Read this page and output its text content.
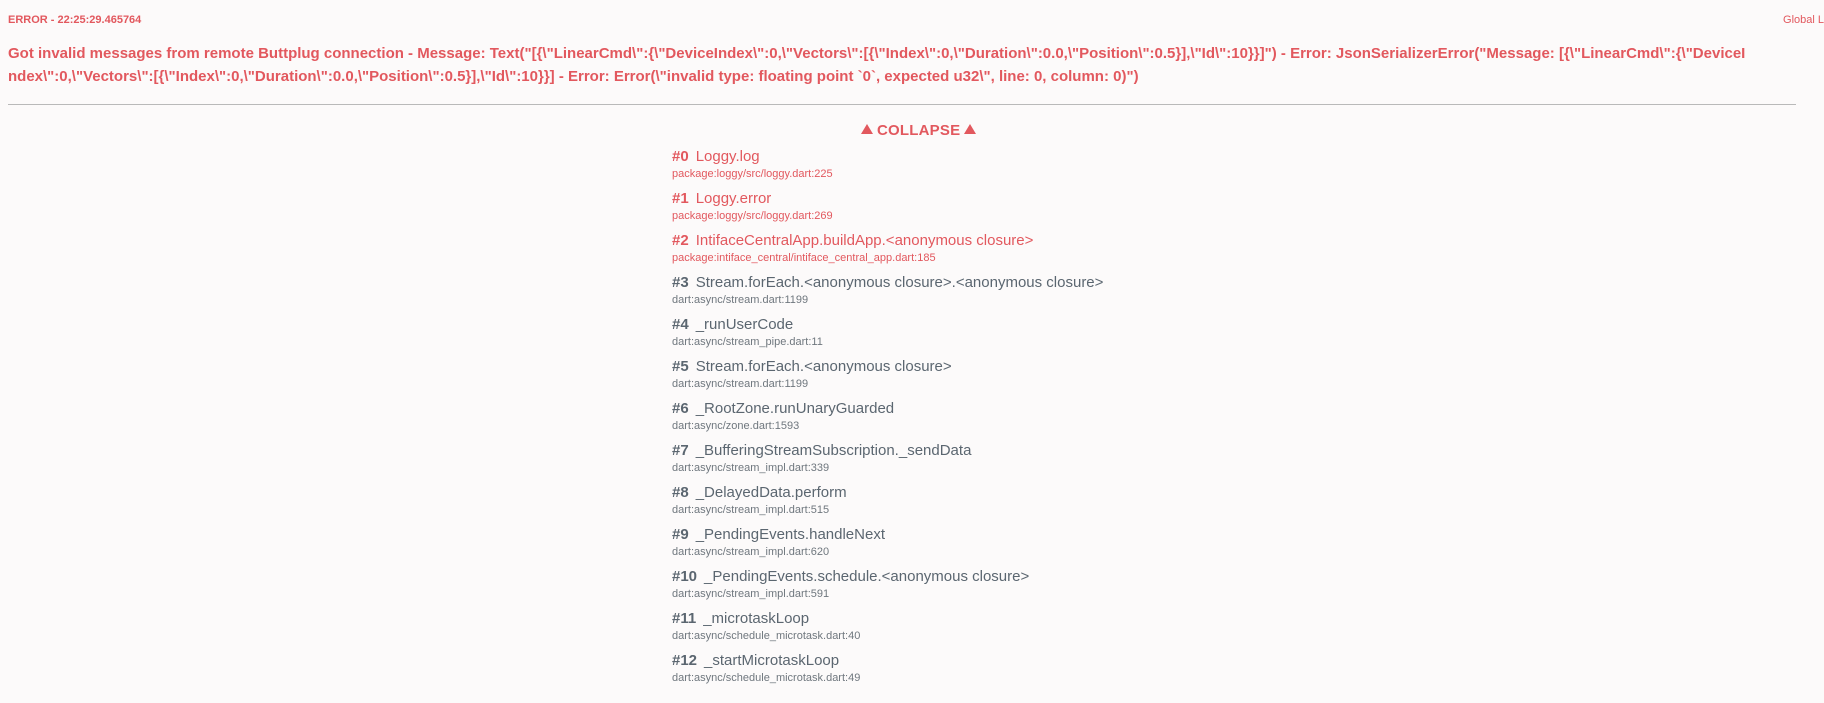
ERROR - 22:25:29.465764	Global L
Got invalid messages from remote Buttplug connection - Message: Text("[{\"LinearCmd\":{\"DeviceIndex\":0,\"Vectors\":[{\"Index\":0,\"Duration\":0.0,\"Position\":0.5}],\"Id\":10}}]") - Error: JsonSerializerError("Message: [{\"LinearCmd\":{\"DeviceIndex\":0,\"Vectors\":[{\"Index\":0,\"Duration\":0.0,\"Position\":0.5}],\"Id\":10}}] - Error: Error(\"invalid type: floating point `0`, expected u32\", line: 0, column: 0)")
COLLAPSE
#0 Loggy.log
package:loggy/src/loggy.dart:225
#1 Loggy.error
package:loggy/src/loggy.dart:269
#2 IntifaceCentralApp.buildApp.<anonymous closure>
package:intiface_central/intiface_central_app.dart:185
#3 Stream.forEach.<anonymous closure>.<anonymous closure>
dart:async/stream.dart:1199
#4 _runUserCode
dart:async/stream_pipe.dart:11
#5 Stream.forEach.<anonymous closure>
dart:async/stream.dart:1199
#6 _RootZone.runUnaryGuarded
dart:async/zone.dart:1593
#7 _BufferingStreamSubscription._sendData
dart:async/stream_impl.dart:339
#8 _DelayedData.perform
dart:async/stream_impl.dart:515
#9 _PendingEvents.handleNext
dart:async/stream_impl.dart:620
#10 _PendingEvents.schedule.<anonymous closure>
dart:async/stream_impl.dart:591
#11 _microtaskLoop
dart:async/schedule_microtask.dart:40
#12 _startMicrotaskLoop
dart:async/schedule_microtask.dart:49
